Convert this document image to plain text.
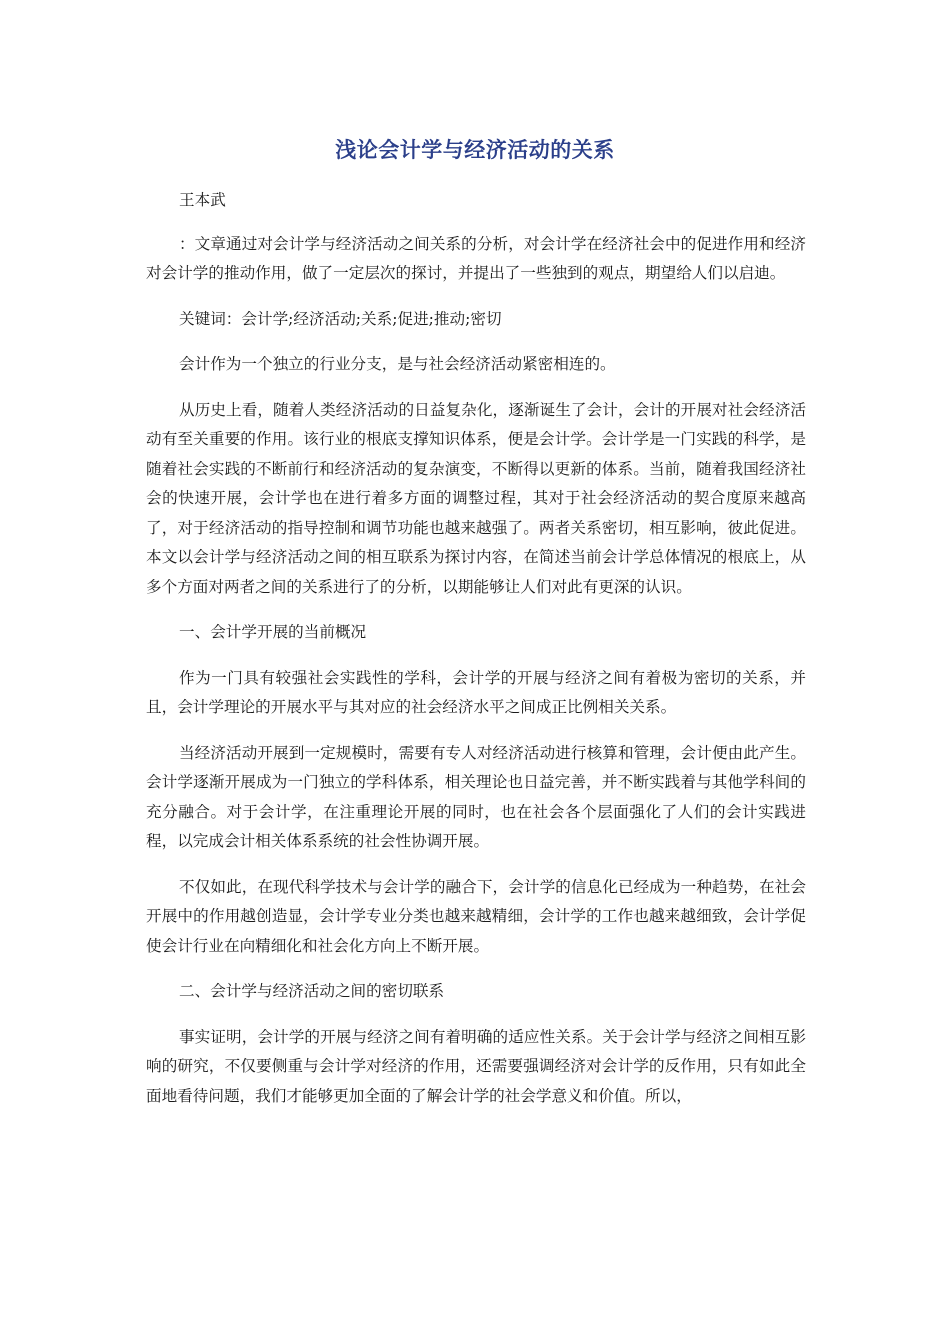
浅论会计学与经济活动的关系

王本武

：文章通过对会计学与经济活动之间关系的分析，对会计学在经济社会中的促进作用和经济对会计学的推动作用，做了一定层次的探讨，并提出了一些独到的观点，期望给人们以启迪。

关键词：会计学;经济活动;关系;促进;推动;密切

会计作为一个独立的行业分支，是与社会经济活动紧密相连的。

从历史上看，随着人类经济活动的日益复杂化，逐渐诞生了会计，会计的开展对社会经济活动有至关重要的作用。该行业的根底支撑知识体系，便是会计学。会计学是一门实践的科学，是随着社会实践的不断前行和经济活动的复杂演变，不断得以更新的体系。当前，随着我国经济社会的快速开展，会计学也在进行着多方面的调整过程，其对于社会经济活动的契合度原来越高了，对于经济活动的指导控制和调节功能也越来越强了。两者关系密切，相互影响，彼此促进。本文以会计学与经济活动之间的相互联系为探讨内容，在简述当前会计学总体情况的根底上，从多个方面对两者之间的关系进行了的分析，以期能够让人们对此有更深的认识。

一、会计学开展的当前概况

作为一门具有较强社会实践性的学科，会计学的开展与经济之间有着极为密切的关系，并且，会计学理论的开展水平与其对应的社会经济水平之间成正比例相关关系。

当经济活动开展到一定规模时，需要有专人对经济活动进行核算和管理，会计便由此产生。会计学逐渐开展成为一门独立的学科体系，相关理论也日益完善，并不断实践着与其他学科间的充分融合。对于会计学，在注重理论开展的同时，也在社会各个层面强化了人们的会计实践进程，以完成会计相关体系系统的社会性协调开展。

不仅如此，在现代科学技术与会计学的融合下，会计学的信息化已经成为一种趋势，在社会开展中的作用越创造显，会计学专业分类也越来越精细，会计学的工作也越来越细致，会计学促使会计行业在向精细化和社会化方向上不断开展。

二、会计学与经济活动之间的密切联系

事实证明，会计学的开展与经济之间有着明确的适应性关系。关于会计学与经济之间相互影响的研究，不仅要侧重与会计学对经济的作用，还需要强调经济对会计学的反作用，只有如此全面地看待问题，我们才能够更加全面的了解会计学的社会学意义和价值。所以，
